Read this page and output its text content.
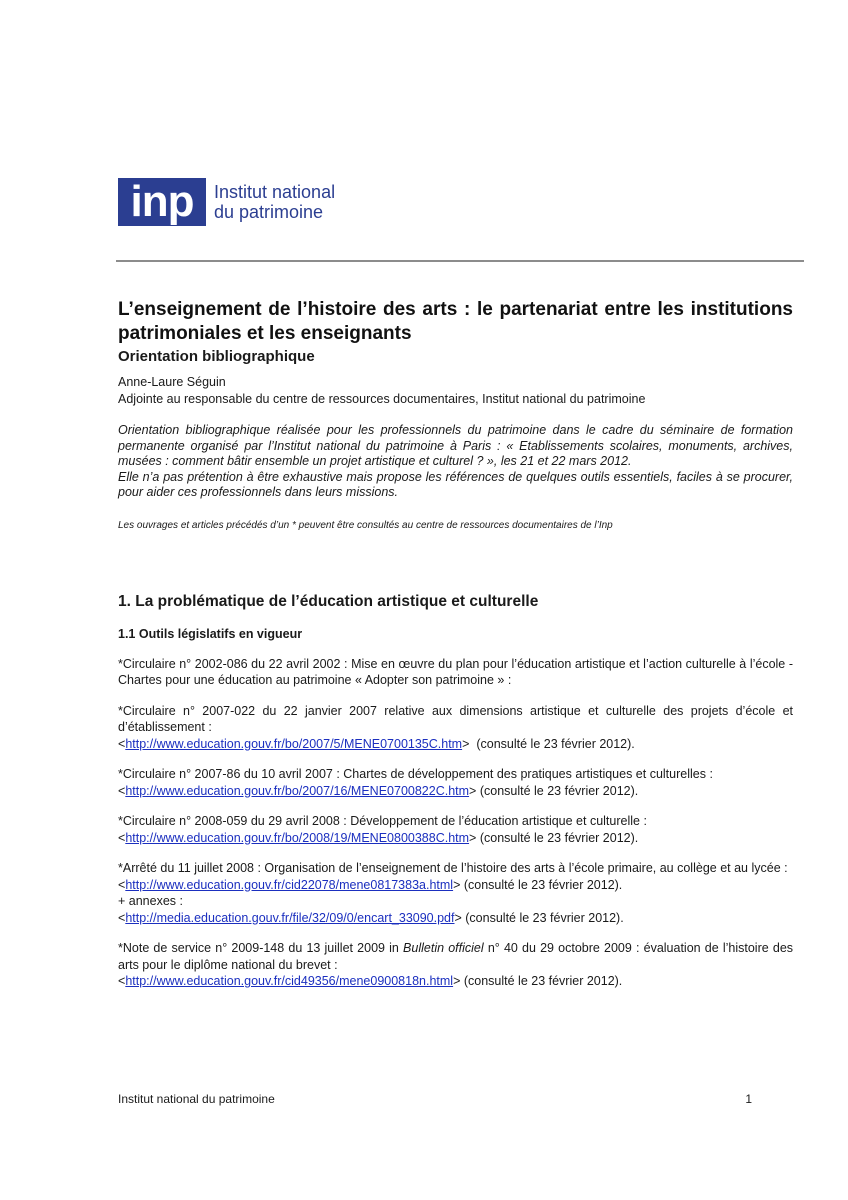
inp	Institut national
du patrimoine
L’enseignement de l’histoire des arts : le partenariat entre les institutions patrimoniales et les enseignants
Orientation bibliographique
Anne-Laure Séguin
Adjointe au responsable du centre de ressources documentaires, Institut national du patrimoine
Orientation bibliographique réalisée pour les professionnels du patrimoine dans le cadre du séminaire de formation permanente organisé par l’Institut national du patrimoine à Paris : « Etablissements scolaires, monuments, archives, musées : comment bâtir ensemble un projet artistique et culturel ? », les 21 et 22 mars 2012.
Elle n’a pas prétention à être exhaustive mais propose les références de quelques outils essentiels, faciles à se procurer, pour aider ces professionnels dans leurs missions.
Les ouvrages et articles précédés d’un * peuvent être consultés au centre de ressources documentaires de l’Inp
1. La problématique de l’éducation artistique et culturelle
1.1 Outils législatifs en vigueur
*Circulaire n° 2002-086 du 22 avril 2002 : Mise en œuvre du plan pour l’éducation artistique et l’action culturelle à l’école - Chartes pour une éducation au patrimoine « Adopter son patrimoine » :
*Circulaire n° 2007-022 du 22 janvier 2007 relative aux dimensions artistique et culturelle des projets d’école et d’établissement :
<http://www.education.gouv.fr/bo/2007/5/MENE0700135C.htm>  (consulté le 23 février 2012).
*Circulaire n° 2007-86 du 10 avril 2007 : Chartes de développement des pratiques artistiques et culturelles :
<http://www.education.gouv.fr/bo/2007/16/MENE0700822C.htm> (consulté le 23 février 2012).
*Circulaire n° 2008-059 du 29 avril 2008 : Développement de l’éducation artistique et culturelle :
<http://www.education.gouv.fr/bo/2008/19/MENE0800388C.htm> (consulté le 23 février 2012).
*Arrêté du 11 juillet 2008 : Organisation de l’enseignement de l’histoire des arts à l’école primaire, au collège et au lycée :
<http://www.education.gouv.fr/cid22078/mene0817383a.html> (consulté le 23 février 2012).
+ annexes :
<http://media.education.gouv.fr/file/32/09/0/encart_33090.pdf> (consulté le 23 février 2012).
*Note de service n° 2009-148 du 13 juillet 2009 in Bulletin officiel n° 40 du 29 octobre 2009 : évaluation de l’histoire des arts pour le diplôme national du brevet :
<http://www.education.gouv.fr/cid49356/mene0900818n.html> (consulté le 23 février 2012).
Institut national du patrimoine	1
